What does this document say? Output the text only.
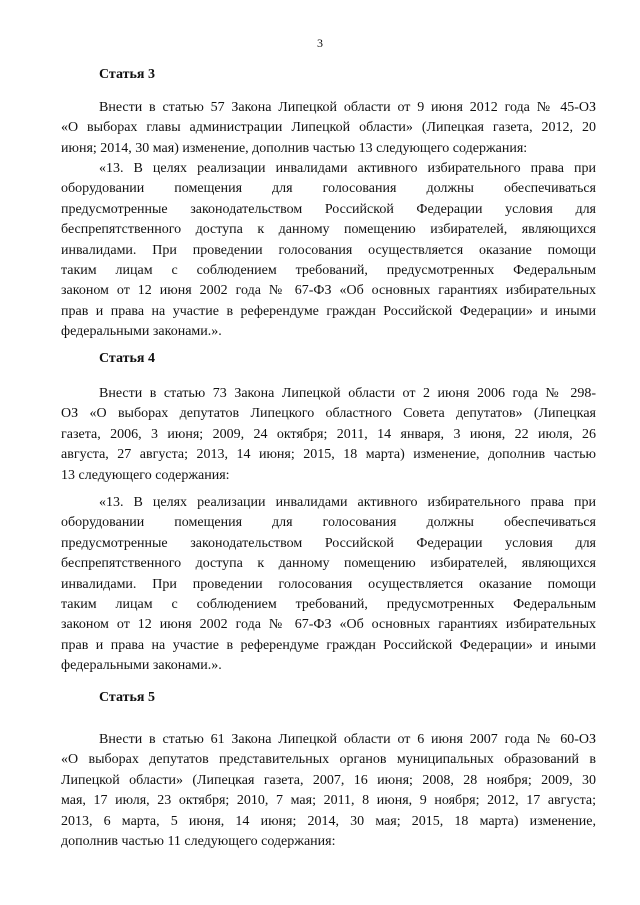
3

Статья 3

Внести в статью 57 Закона Липецкой области от 9 июня 2012 года № 45-ОЗ
«О выборах главы администрации Липецкой области» (Липецкая газета, 2012, 20
июня; 2014, 30 мая) изменение, дополнив частью 13 следующего содержания:

«13. В целях реализации инвалидами активного избирательного права при
оборудовании помещения для голосования должны обеспечиваться
предусмотренные законодательством Российской Федерации условия для
беспрепятственного доступа к данному помещению избирателей, являющихся
инвалидами. При проведении голосования осуществляется оказание помощи
таким лицам с соблюдением требований, предусмотренных Федеральным
законом от 12 июня 2002 года № 67-ФЗ «Об основных гарантиях избирательных
прав и права на участие в референдуме граждан Российской Федерации» и иными
федеральными законами.».

Статья 4

Внести в статью 73 Закона Липецкой области от 2 июня 2006 года № 298-
ОЗ «О выборах депутатов Липецкого областного Совета депутатов» (Липецкая
газета, 2006, 3 июня; 2009, 24 октября; 2011, 14 января, 3 июня, 22 июля, 26
августа, 27 августа; 2013, 14 июня; 2015, 18 марта) изменение, дополнив частью
13 следующего содержания:

«13. В целях реализации инвалидами активного избирательного права при
оборудовании помещения для голосования должны обеспечиваться
предусмотренные законодательством Российской Федерации условия для
беспрепятственного доступа к данному помещению избирателей, являющихся
инвалидами. При проведении голосования осуществляется оказание помощи
таким лицам с соблюдением требований, предусмотренных Федеральным
законом от 12 июня 2002 года № 67-ФЗ «Об основных гарантиях избирательных
прав и права на участие в референдуме граждан Российской Федерации» и иными
федеральными законами.».

Статья 5

Внести в статью 61 Закона Липецкой области от 6 июня 2007 года № 60-ОЗ
«О выборах депутатов представительных органов муниципальных образований в
Липецкой области» (Липецкая газета, 2007, 16 июня; 2008, 28 ноября; 2009, 30
мая, 17 июля, 23 октября; 2010, 7 мая; 2011, 8 июня, 9 ноября; 2012, 17 августа;
2013, 6 марта, 5 июня, 14 июня; 2014, 30 мая; 2015, 18 марта) изменение,
дополнив частью 11 следующего содержания:
